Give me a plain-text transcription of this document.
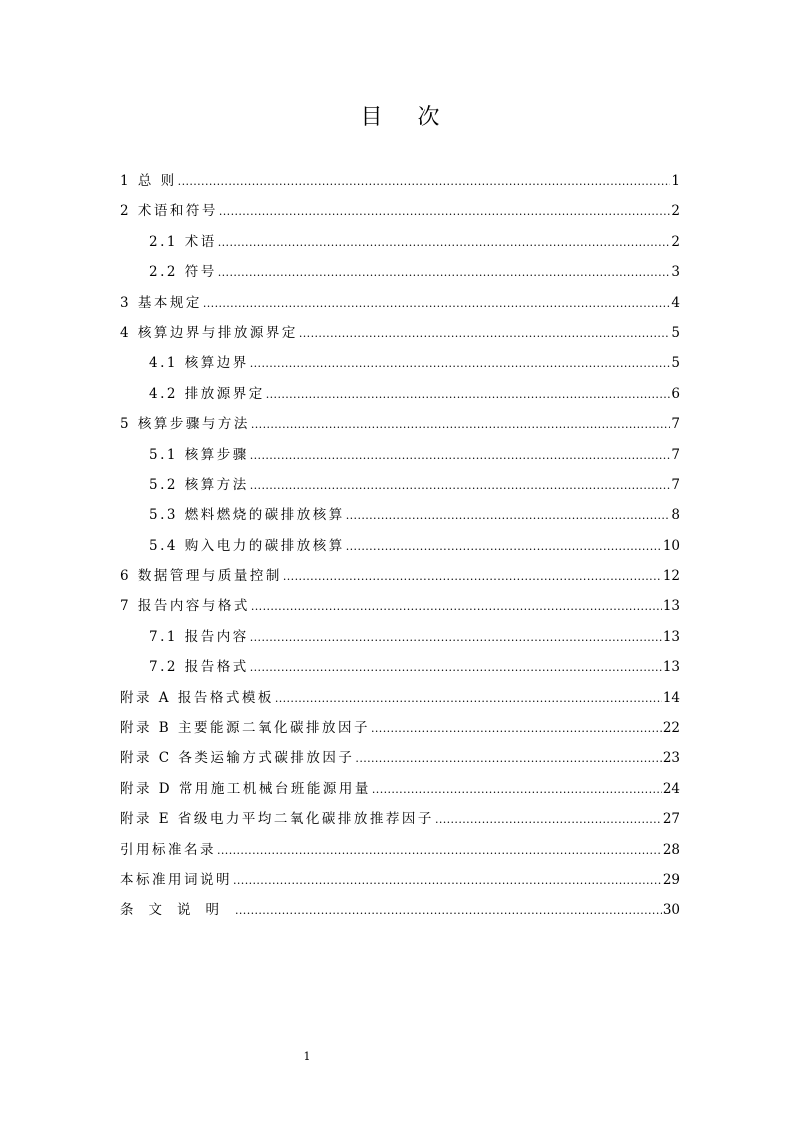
目 次
1 总 则 .....	1
2 术语和符号 .....	2
2.1 术语 .....	2
2.2 符号 .....	3
3 基本规定 .....	4
4 核算边界与排放源界定 .....	5
4.1 核算边界 .....	5
4.2 排放源界定 .....	6
5 核算步骤与方法 .....	7
5.1 核算步骤 .....	7
5.2 核算方法 .....	7
5.3 燃料燃烧的碳排放核算 .....	8
5.4 购入电力的碳排放核算 .....	10
6 数据管理与质量控制 .....	12
7 报告内容与格式 .....	13
7.1 报告内容 .....	13
7.2 报告格式 .....	13
附录 A 报告格式模板 .....	14
附录 B 主要能源二氧化碳排放因子 .....	22
附录 C 各类运输方式碳排放因子 .....	23
附录 D 常用施工机械台班能源用量 .....	24
附录 E 省级电力平均二氧化碳排放推荐因子 .....	27
引用标准名录 .....	28
本标准用词说明 .....	29
条文说明 .....	30
1
